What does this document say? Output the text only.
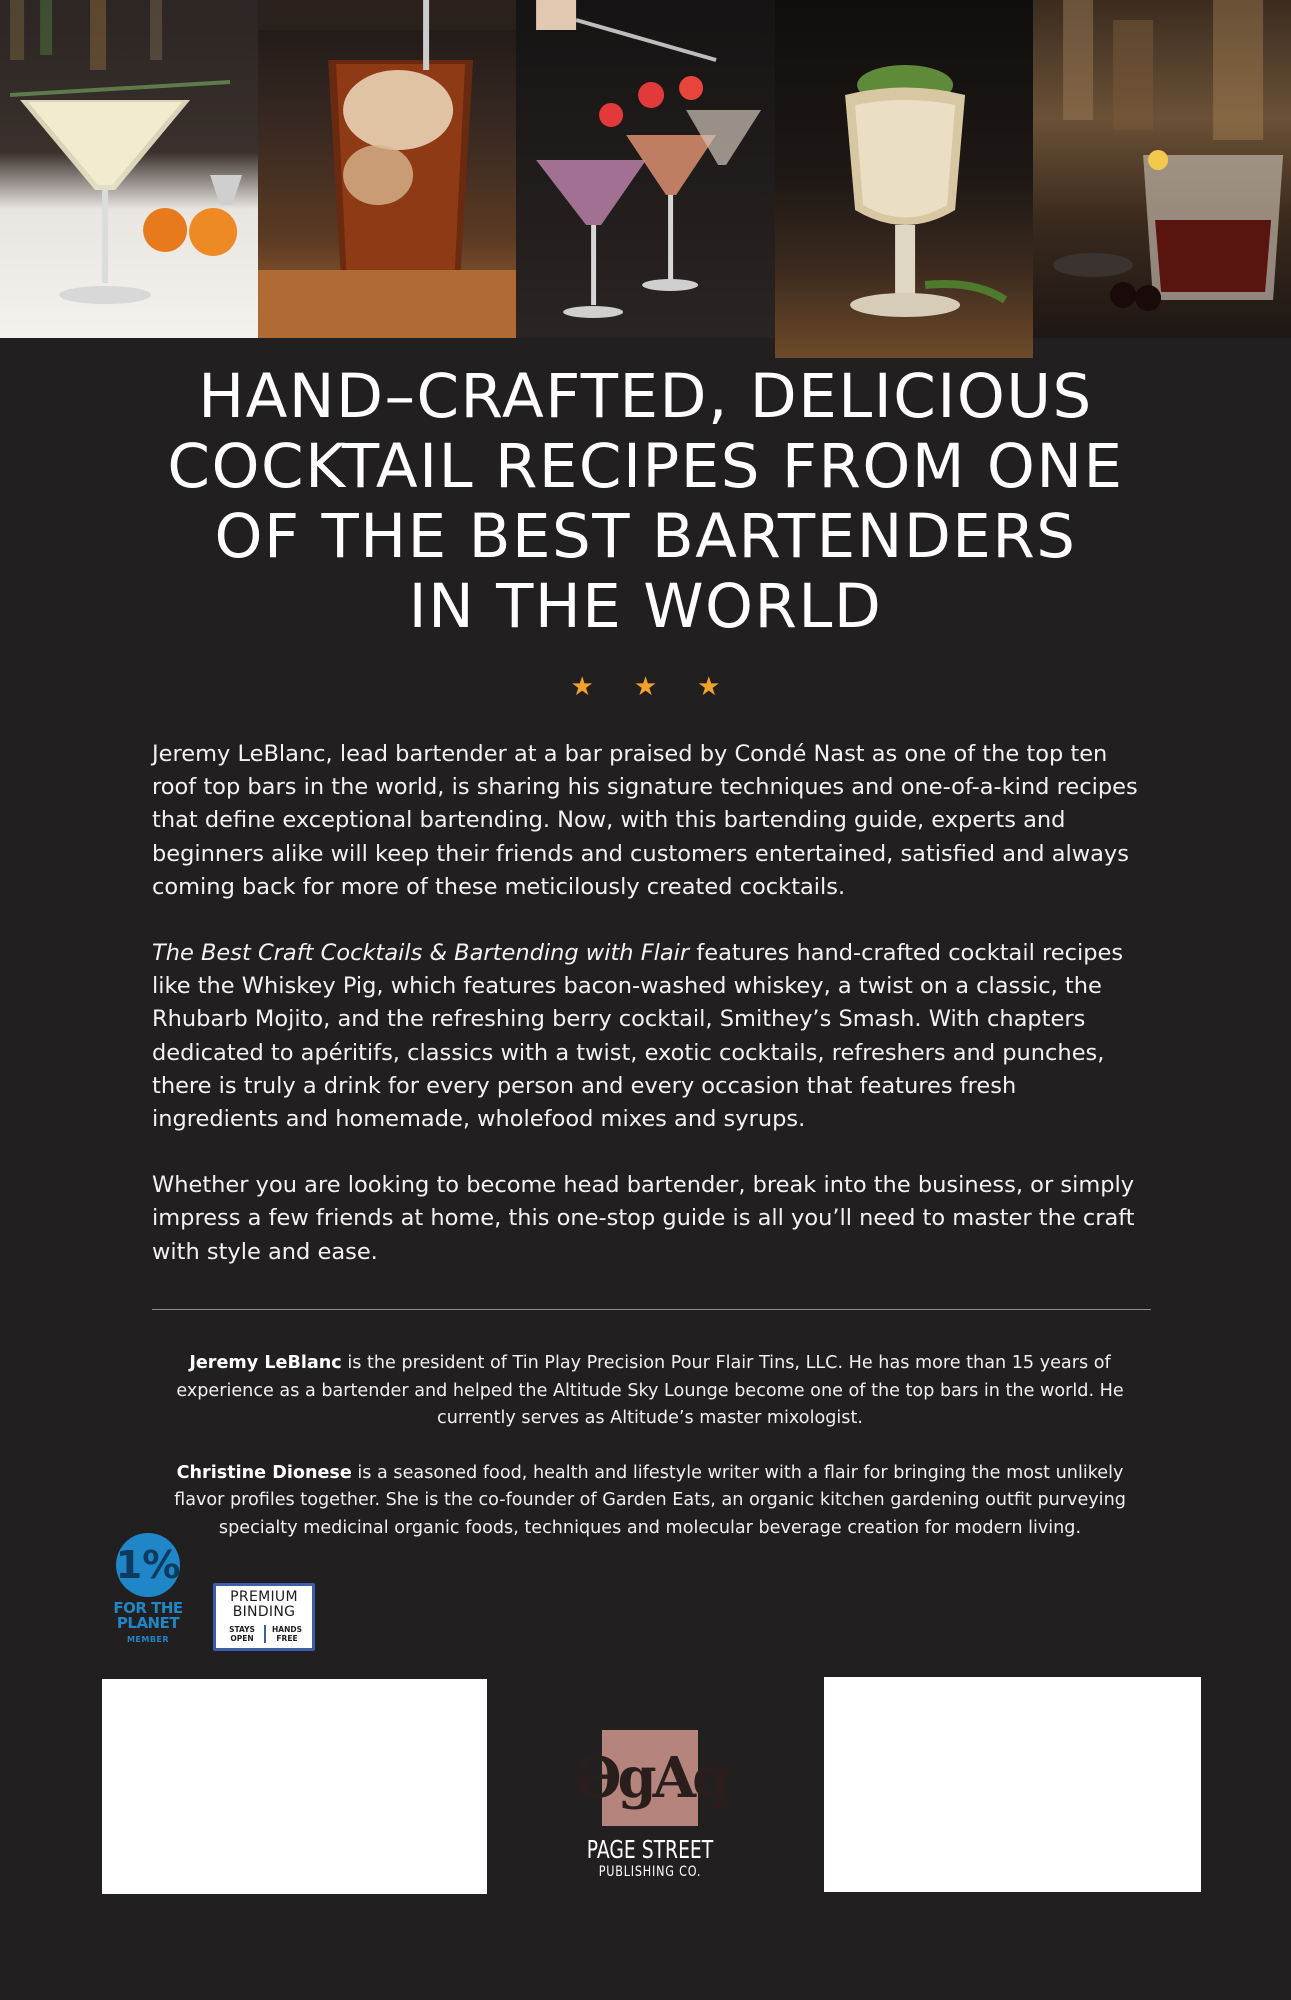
HAND–CRAFTED, DELICIOUS
COCKTAIL RECIPES FROM ONE
OF THE BEST BARTENDERS
IN THE WORLD
★ ★ ★

Jeremy LeBlanc, lead bartender at a bar praised by Condé Nast as one of the top ten roof top bars in the world, is sharing his signature techniques and one-of-a-kind recipes that define exceptional bartending. Now, with this bartending guide, experts and beginners alike will keep their friends and customers entertained, satisfied and always coming back for more of these meticilously created cocktails.

The Best Craft Cocktails & Bartending with Flair features hand-crafted cocktail recipes like the Whiskey Pig, which features bacon-washed whiskey, a twist on a classic, the Rhubarb Mojito, and the refreshing berry cocktail, Smithey’s Smash. With chapters dedicated to apéritifs, classics with a twist, exotic cocktails, refreshers and punches, there is truly a drink for every person and every occasion that features fresh ingredients and homemade, wholefood mixes and syrups.

Whether you are looking to become head bartender, break into the business, or simply impress a few friends at home, this one-stop guide is all you’ll need to master the craft with style and ease.

Jeremy LeBlanc is the president of Tin Play Precision Pour Flair Tins, LLC. He has more than 15 years of experience as a bartender and helped the Altitude Sky Lounge become one of the top bars in the world. He currently serves as Altitude’s master mixologist.

Christine Dionese is a seasoned food, health and lifestyle writer with a flair for bringing the most unlikely flavor profiles together. She is the co-founder of Garden Eats, an organic kitchen gardening outfit purveying specialty medicinal organic foods, techniques and molecular beverage creation for modern living.

1%
FOR THE
PLANET
MEMBER
PREMIUM
BINDING
STAYS OPEN
HANDS FREE
ƏgAq
PAGE STREET
PUBLISHING CO.
